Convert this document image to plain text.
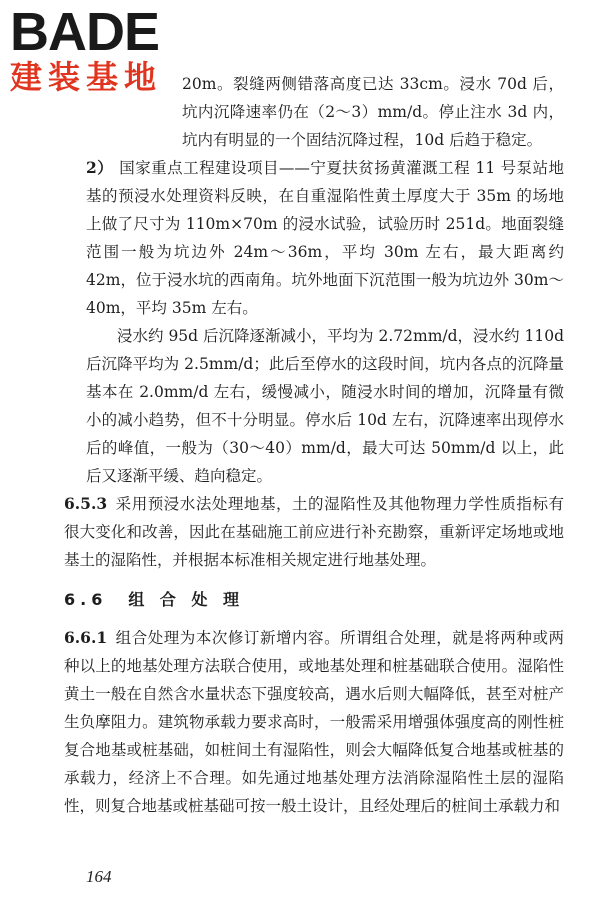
BADE
建装基地	20m。裂缝两侧错落高度已达 33cm。浸水 70d 后，坑内沉降速率仍在（2～3）mm/d。停止注水 3d 内，坑内有明显的一个固结沉降过程，10d 后趋于稳定。

2） 国家重点工程建设项目——宁夏扶贫扬黄灌溉工程 11 号泵站地基的预浸水处理资料反映，在自重湿陷性黄土厚度大于 35m 的场地上做了尺寸为 110m×70m 的浸水试验，试验历时 251d。地面裂缝范围一般为坑边外 24m～36m，平均 30m 左右，最大距离约 42m，位于浸水坑的西南角。坑外地面下沉范围一般为坑边外 30m～40m，平均 35m 左右。

浸水约 95d 后沉降逐渐减小，平均为 2.72mm/d，浸水约 110d 后沉降平均为 2.5mm/d；此后至停水的这段时间，坑内各点的沉降量基本在 2.0mm/d 左右，缓慢减小，随浸水时间的增加，沉降量有微小的减小趋势，但不十分明显。停水后 10d 左右，沉降速率出现停水后的峰值，一般为（30～40）mm/d，最大可达 50mm/d 以上，此后又逐渐平缓、趋向稳定。

6.5.3 采用预浸水法处理地基，土的湿陷性及其他物理力学性质指标有很大变化和改善，因此在基础施工前应进行补充勘察，重新评定场地或地基土的湿陷性，并根据本标准相关规定进行地基处理。

6.6　组 合 处 理

6.6.1 组合处理为本次修订新增内容。所谓组合处理，就是将两种或两种以上的地基处理方法联合使用，或地基处理和桩基础联合使用。湿陷性黄土一般在自然含水量状态下强度较高，遇水后则大幅降低，甚至对桩产生负摩阻力。建筑物承载力要求高时，一般需采用增强体强度高的刚性桩复合地基或桩基础，如桩间土有湿陷性，则会大幅降低复合地基或桩基的承载力，经济上不合理。如先通过地基处理方法消除湿陷性土层的湿陷性，则复合地基或桩基础可按一般土设计，且经处理后的桩间土承载力和

164
